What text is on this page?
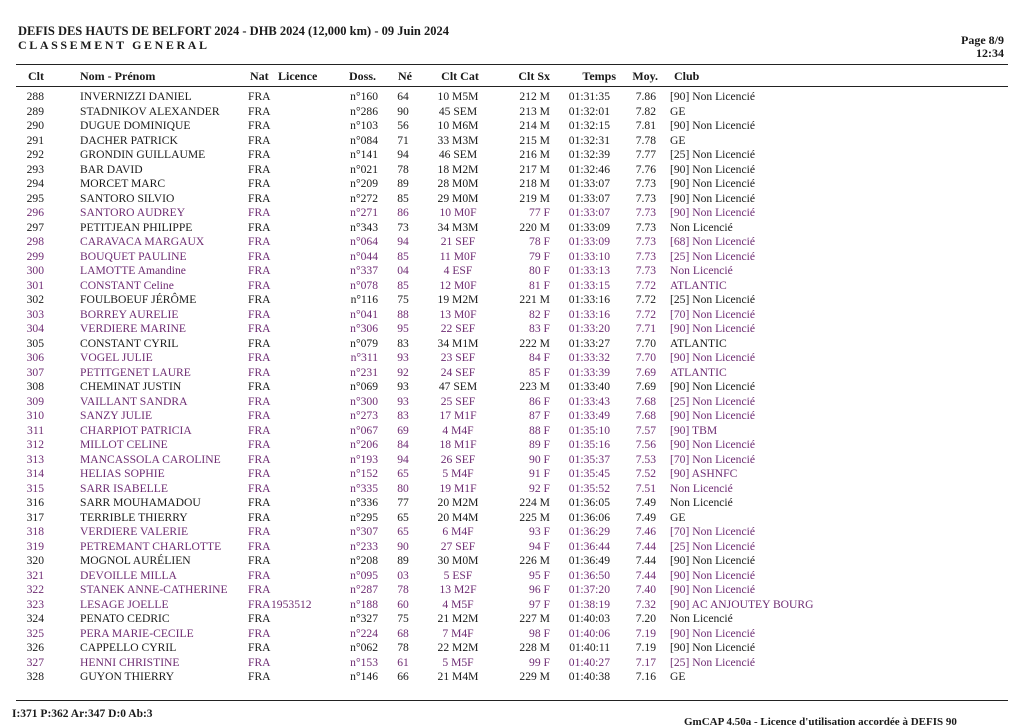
DEFIS DES HAUTS DE BELFORT 2024 - DHB 2024 (12,000 km) - 09 Juin 2024
CLASSEMENT GENERAL	Page 8/9
12:34
Clt	Nom - Prénom	Nat Licence	Doss. Né	Clt Cat	Clt Sx	Temps	Moy. Club
288	INVERNIZZI DANIEL	FRA	n°160	64	10 M5M	212 M	01:31:35	7.86 [90] Non Licencié
289	STADNIKOV ALEXANDER FRA	n°286	90	45 SEM	213 M	01:32:01	7.82 GE
290	DUGUE DOMINIQUE	FRA	n°103	56	10 M6M	214 M	01:32:15	7.81 [90] Non Licencié
291	DACHER PATRICK	FRA	n°084	71	33 M3M	215 M	01:32:31	7.78 GE
292	GRONDIN GUILLAUME	FRA	n°141	94	46 SEM	216 M	01:32:39	7.77 [25] Non Licencié
293	BAR DAVID	FRA	n°021	78	18 M2M	217 M	01:32:46	7.76 [90] Non Licencié
294	MORCET MARC	FRA	n°209	89	28 M0M	218 M	01:33:07	7.73 [90] Non Licencié
295	SANTORO SILVIO	FRA	n°272	85	29 M0M	219 M	01:33:07	7.73 [90] Non Licencié
296	SANTORO AUDREY	FRA	n°271	86	10 M0F	77 F	01:33:07	7.73 [90] Non Licencié
297	PETITJEAN PHILIPPE	FRA	n°343	73	34 M3M	220 M	01:33:09	7.73 Non Licencié
298	CARAVACA MARGAUX	FRA	n°064	94	21 SEF	78 F	01:33:09	7.73 [68] Non Licencié
299	BOUQUET PAULINE	FRA	n°044	85	11 M0F	79 F	01:33:10	7.73 [25] Non Licencié
300	LAMOTTE Amandine	FRA	n°337	04	4 ESF	80 F	01:33:13	7.73 Non Licencié
301	CONSTANT Celine	FRA	n°078	85	12 M0F	81 F	01:33:15	7.72 ATLANTIC
302	FOULBOEUF JÉRÔME	FRA	n°116	75	19 M2M	221 M	01:33:16	7.72 [25] Non Licencié
303	BORREY AURELIE	FRA	n°041	88	13 M0F	82 F	01:33:16	7.72 [70] Non Licencié
304	VERDIERE MARINE	FRA	n°306	95	22 SEF	83 F	01:33:20	7.71 [90] Non Licencié
305	CONSTANT CYRIL	FRA	n°079	83	34 M1M	222 M	01:33:27	7.70 ATLANTIC
306	VOGEL JULIE	FRA	n°311	93	23 SEF	84 F	01:33:32	7.70 [90] Non Licencié
307	PETITGENET LAURE	FRA	n°231	92	24 SEF	85 F	01:33:39	7.69 ATLANTIC
308	CHEMINAT JUSTIN	FRA	n°069	93	47 SEM	223 M	01:33:40	7.69 [90] Non Licencié
309	VAILLANT SANDRA	FRA	n°300	93	25 SEF	86 F	01:33:43	7.68 [25] Non Licencié
310	SANZY JULIE	FRA	n°273	83	17 M1F	87 F	01:33:49	7.68 [90] Non Licencié
311	CHARPIOT PATRICIA	FRA	n°067	69	4 M4F	88 F	01:35:10	7.57 [90] TBM
312	MILLOT CELINE	FRA	n°206	84	18 M1F	89 F	01:35:16	7.56 [90] Non Licencié
313	MANCASSOLA CAROLINE FRA	n°193	94	26 SEF	90 F	01:35:37	7.53 [70] Non Licencié
314	HELIAS SOPHIE	FRA	n°152	65	5 M4F	91 F	01:35:45	7.52 [90] ASHNFC
315	SARR ISABELLE	FRA	n°335	80	19 M1F	92 F	01:35:52	7.51 Non Licencié
316	SARR MOUHAMADOU	FRA	n°336	77	20 M2M	224 M	01:36:05	7.49 Non Licencié
317	TERRIBLE THIERRY	FRA	n°295	65	20 M4M	225 M	01:36:06	7.49 GE
318	VERDIERE VALERIE	FRA	n°307	65	6 M4F	93 F	01:36:29	7.46 [70] Non Licencié
319	PETREMANT CHARLOTTE FRA	n°233	90	27 SEF	94 F	01:36:44	7.44 [25] Non Licencié
320	MOGNOL AURÉLIEN	FRA	n°208	89	30 M0M	226 M	01:36:49	7.44 [90] Non Licencié
321	DEVOILLE MILLA	FRA	n°095	03	5 ESF	95 F	01:36:50	7.44 [90] Non Licencié
322	STANEK ANNE-CATHERINE FRA	n°287	78	13 M2F	96 F	01:37:20	7.40 [90] Non Licencié
323	LESAGE JOELLE	FRA 1953512	n°188	60	4 M5F	97 F	01:38:19	7.32 [90] AC ANJOUTEY BOURG
324	PENATO CEDRIC	FRA	n°327	75	21 M2M	227 M	01:40:03	7.20 Non Licencié
325	PERA MARIE-CECILE	FRA	n°224	68	7 M4F	98 F	01:40:06	7.19 [90] Non Licencié
326	CAPPELLO CYRIL	FRA	n°062	78	22 M2M	228 M	01:40:11	7.19 [90] Non Licencié
327	HENNI CHRISTINE	FRA	n°153	61	5 M5F	99 F	01:40:27	7.17 [25] Non Licencié
328	GUYON THIERRY	FRA	n°146	66	21 M4M	229 M	01:40:38	7.16 GE
I:371 P:362 Ar:347 D:0 Ab:3
GmCAP 4.50a - Licence d'utilisation accordée à DEFIS 90
